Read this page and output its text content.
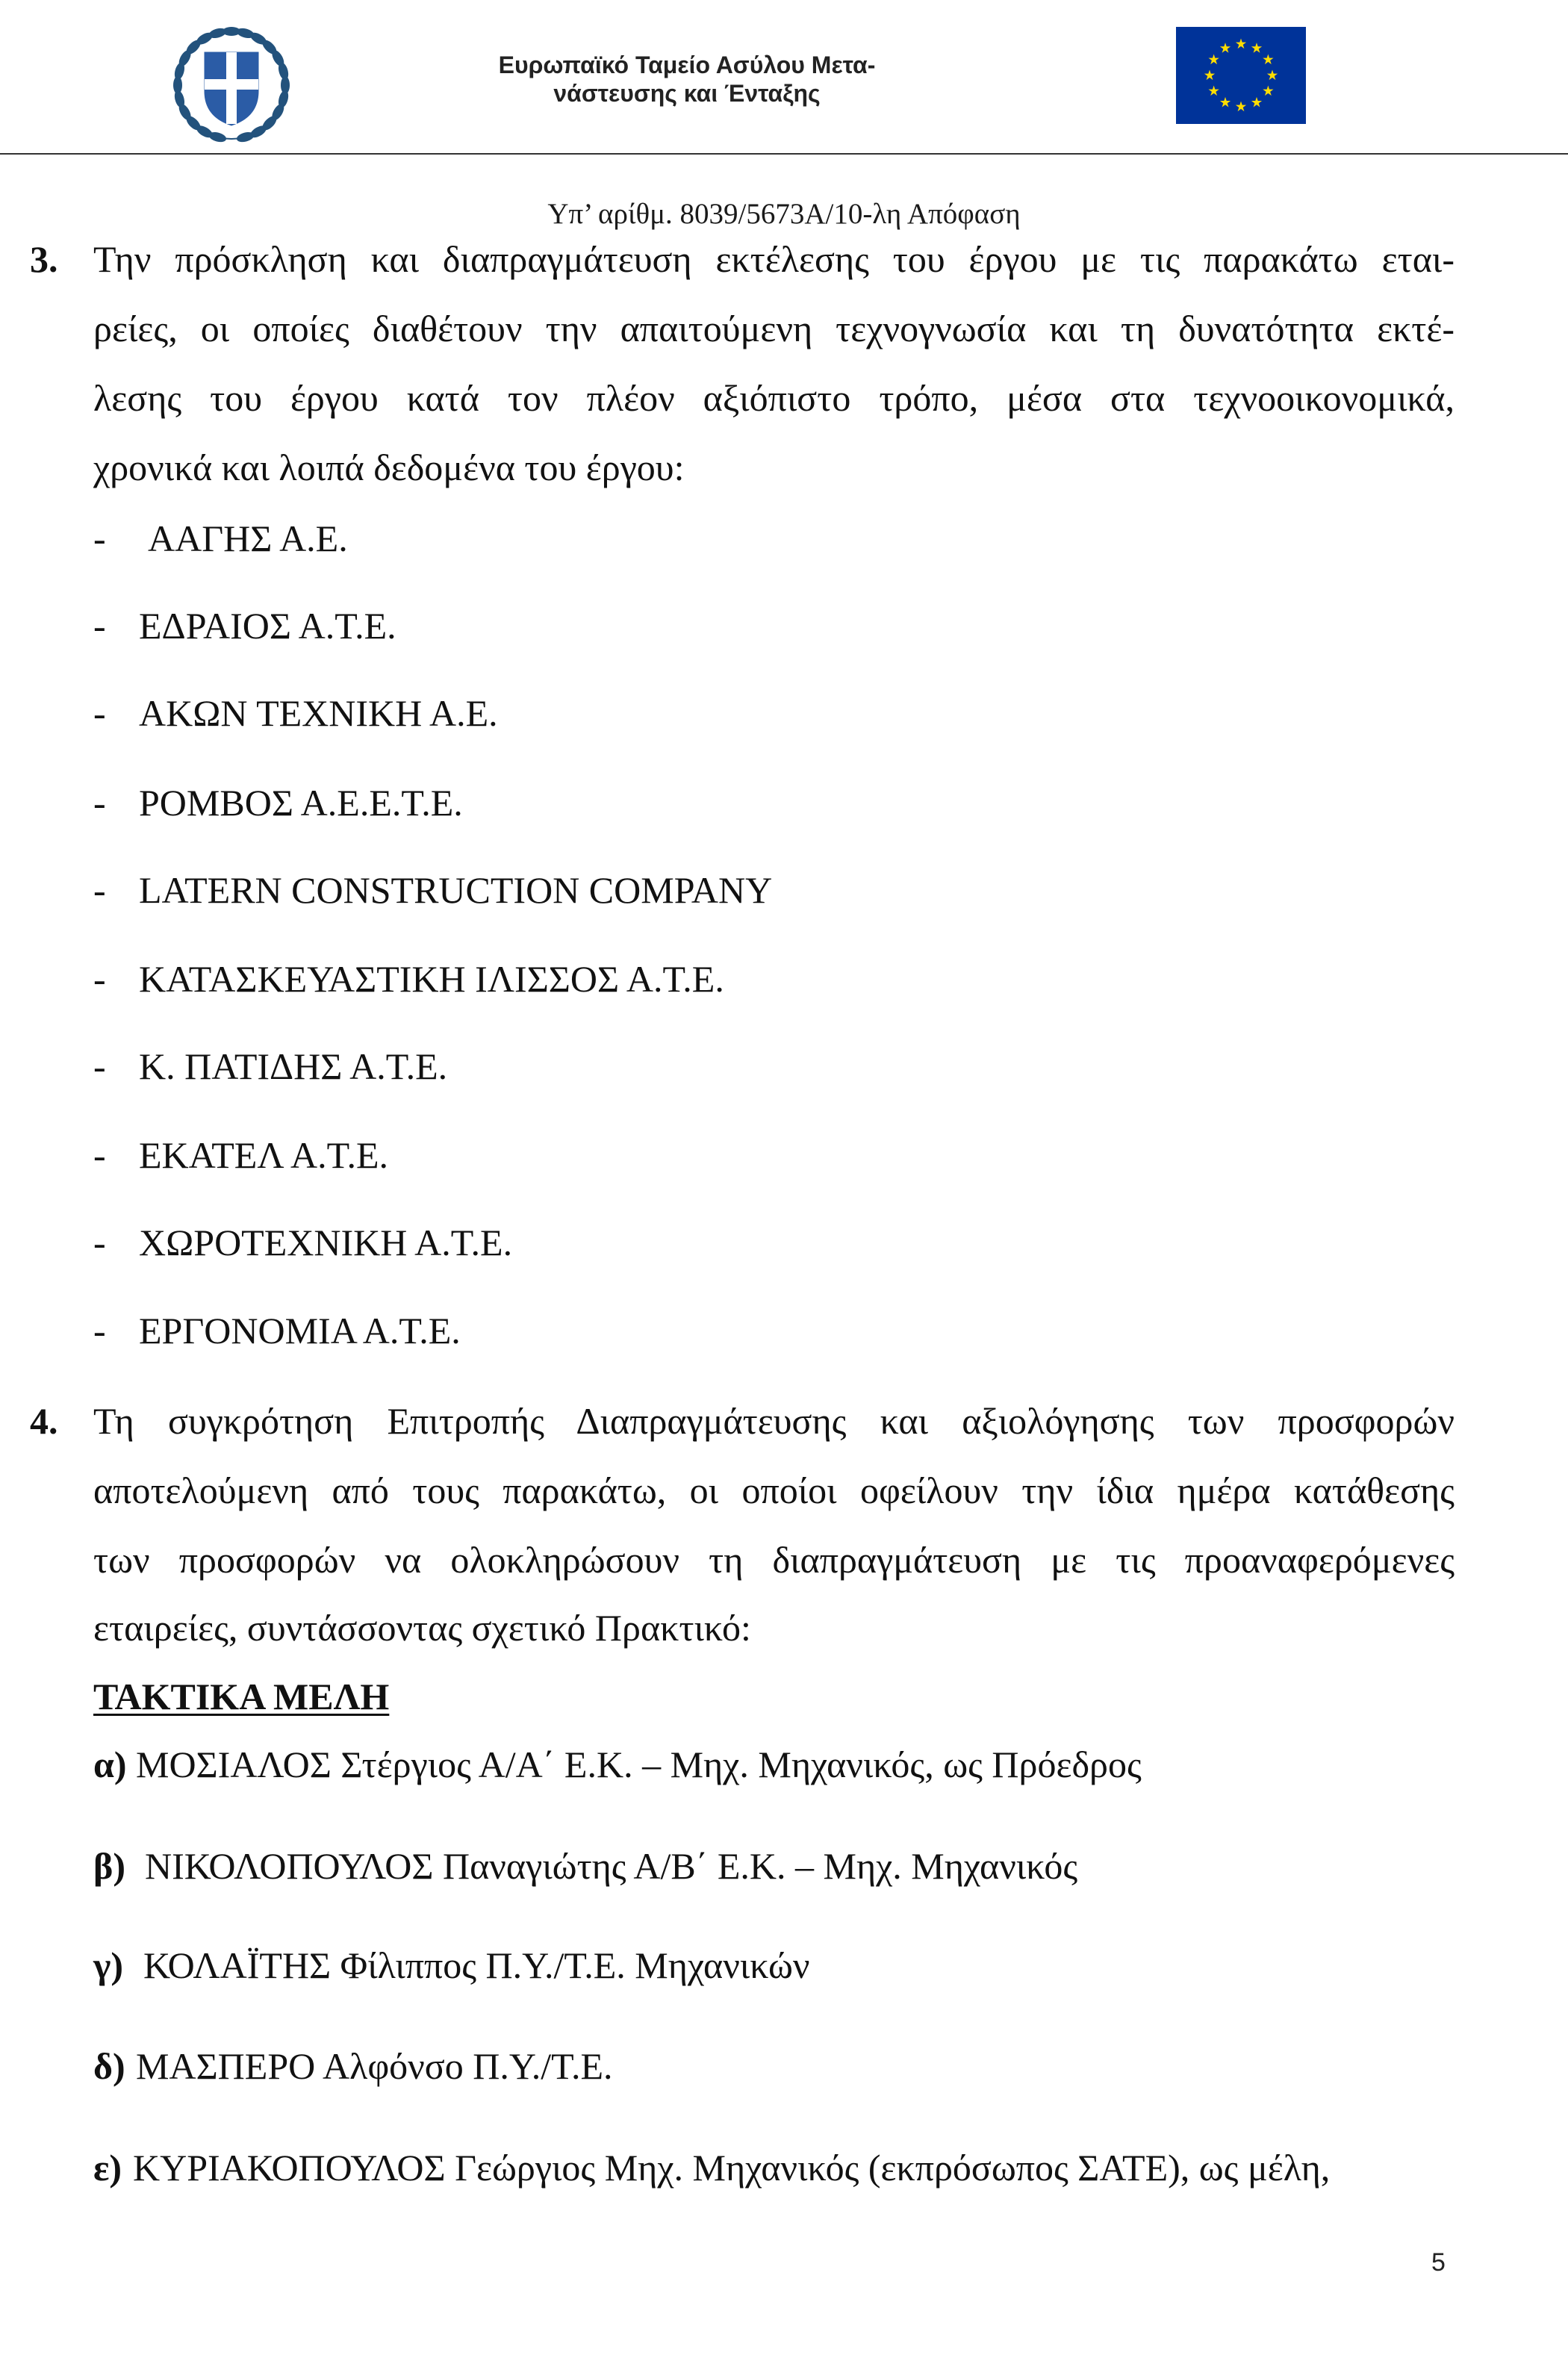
Ευρωπαϊκό Ταμείο Ασύλου Μετα-
νάστευσης και Ένταξης
Υπ’ αρίθμ. 8039/5673Α/10-λη Απόφαση
3. Την πρόσκληση και διαπραγμάτευση εκτέλεσης του έργου με τις παρακάτω εται-
ρείες, οι οποίες διαθέτουν την απαιτούμενη τεχνογνωσία και τη δυνατότητα εκτέ-
λεσης του έργου κατά τον πλέον αξιόπιστο τρόπο, μέσα στα τεχνοοικονομικά,
χρονικά και λοιπά δεδομένα του έργου:
- ΑΑΓΗΣ Α.Ε.
- ΕΔΡΑΙΟΣ Α.Τ.Ε.
- ΑΚΩΝ ΤΕΧΝΙΚΗ Α.Ε.
- ΡΟΜΒΟΣ Α.Ε.Ε.Τ.Ε.
- LATERN CONSTRUCTION COMPANY
- ΚΑΤΑΣΚΕΥΑΣΤΙΚΗ ΙΛΙΣΣΟΣ Α.Τ.Ε.
- Κ. ΠΑΤΙΔΗΣ Α.Τ.Ε.
- ΕΚΑΤΕΛ Α.Τ.Ε.
- ΧΩΡΟΤΕΧΝΙΚΗ Α.Τ.Ε.
- ΕΡΓΟΝΟΜΙΑ Α.Τ.Ε.
4. Τη συγκρότηση Επιτροπής Διαπραγμάτευσης και αξιολόγησης των προσφορών
αποτελούμενη από τους παρακάτω, οι οποίοι οφείλουν την ίδια ημέρα κατάθεσης
των προσφορών να ολοκληρώσουν τη διαπραγμάτευση με τις προαναφερόμενες
εταιρείες, συντάσσοντας σχετικό Πρακτικό:
ΤΑΚΤΙΚΑ ΜΕΛΗ
α) ΜΟΣΙΑΛΟΣ Στέργιος Α/Α΄ Ε.Κ. – Μηχ. Μηχανικός, ως Πρόεδρος
β) ΝΙΚΟΛΟΠΟΥΛΟΣ Παναγιώτης Α/Β΄ Ε.Κ. – Μηχ. Μηχανικός
γ) ΚΟΛΑΪΤΗΣ Φίλιππος Π.Υ./Τ.Ε. Μηχανικών
δ) ΜΑΣΠΕΡΟ Αλφόνσο Π.Υ./Τ.Ε.
ε) ΚΥΡΙΑΚΟΠΟΥΛΟΣ Γεώργιος Μηχ. Μηχανικός (εκπρόσωπος ΣΑΤΕ), ως μέλη,
5
